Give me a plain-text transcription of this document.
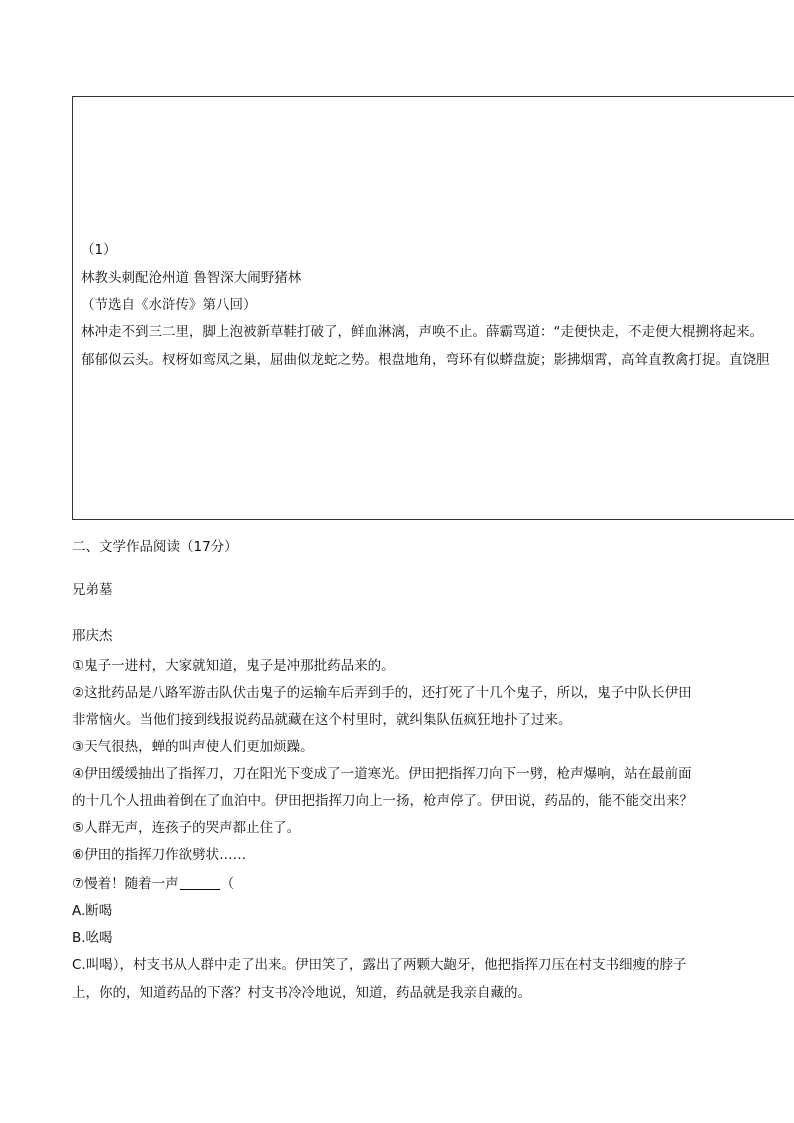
（1）
林教头刺配沧州道 鲁智深大闹野猪林
（节选自《水浒传》第八回）
林冲走不到三二里，脚上泡被新草鞋打破了，鲜血淋漓，声唤不止。薛霸骂道：“走便快走，不走便大棍搠将起来。
郁郁似云头。杈枒如鸾凤之巢，屈曲似龙蛇之势。根盘地角，弯环有似蟒盘旋；影拂烟霄，高耸直教禽打捉。直饶胆
二、文学作品阅读（17分）
兄弟墓
邢庆杰
①鬼子一进村，大家就知道，鬼子是冲那批药品来的。
②这批药品是八路军游击队伏击鬼子的运输车后弄到手的，还打死了十几个鬼子，所以，鬼子中队长伊田
非常恼火。当他们接到线报说药品就藏在这个村里时，就纠集队伍疯狂地扑了过来。
③天气很热，蝉的叫声使人们更加烦躁。
④伊田缓缓抽出了指挥刀，刀在阳光下变成了一道寒光。伊田把指挥刀向下一劈，枪声爆响，站在最前面
的十几个人扭曲着倒在了血泊中。伊田把指挥刀向上一扬，枪声停了。伊田说，药品的，能不能交出来？
⑤人群无声，连孩子的哭声都止住了。
⑥伊田的指挥刀作欲劈状……
⑦慢着！随着一声	（
A.断喝
B.吆喝
C.叫喝），村支书从人群中走了出来。伊田笑了，露出了两颗大龅牙，他把指挥刀压在村支书细瘦的脖子
上，你的，知道药品的下落？村支书冷冷地说，知道，药品就是我亲自藏的。
